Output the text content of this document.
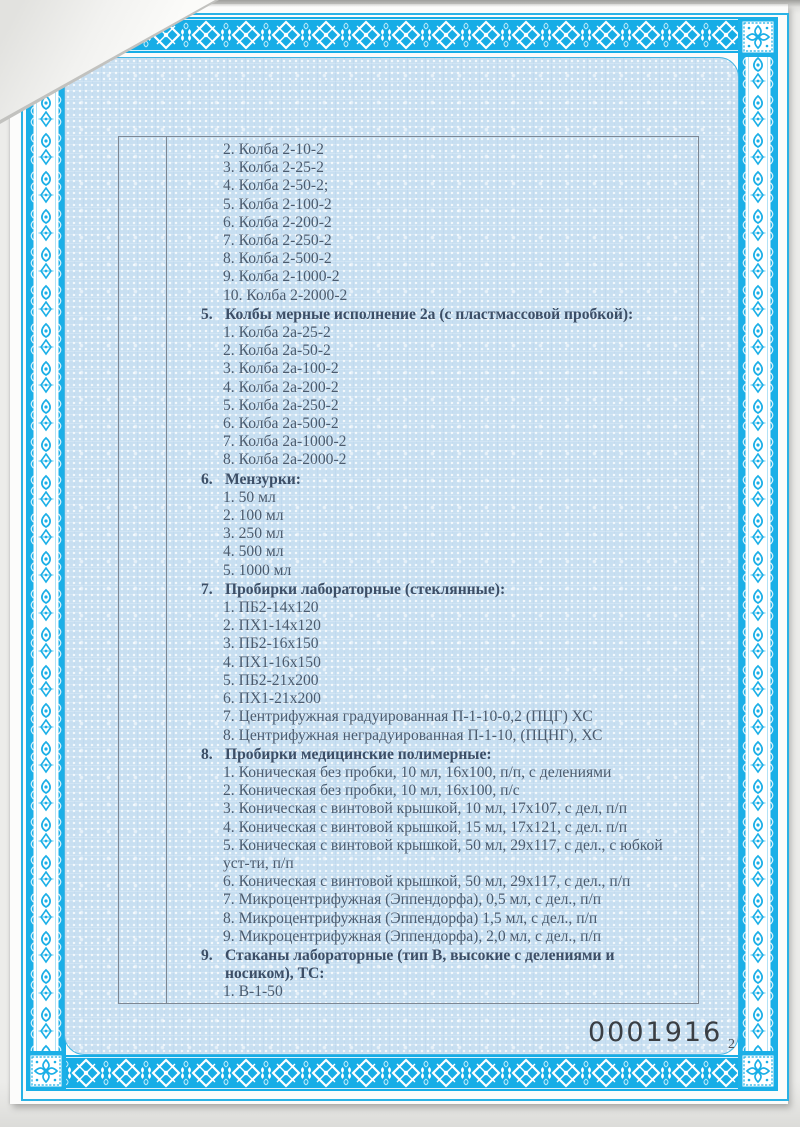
2. Колба 2-10-2
3. Колба 2-25-2
4. Колба 2-50-2;
5. Колба 2-100-2
6. Колба 2-200-2
7. Колба 2-250-2
8. Колба 2-500-2
9. Колба 2-1000-2
10. Колба 2-2000-2
5. Колбы мерные исполнение 2а (с пластмассовой пробкой):
1. Колба 2а-25-2
2. Колба 2а-50-2
3. Колба 2а-100-2
4. Колба 2а-200-2
5. Колба 2а-250-2
6. Колба 2а-500-2
7. Колба 2а-1000-2
8. Колба 2а-2000-2
6. Мензурки:
1. 50 мл
2. 100 мл
3. 250 мл
4. 500 мл
5. 1000 мл
7. Пробирки лабораторные (стеклянные):
1. ПБ2-14х120
2. ПХ1-14х120
3. ПБ2-16х150
4. ПХ1-16х150
5. ПБ2-21х200
6. ПХ1-21х200
7. Центрифужная градуированная П-1-10-0,2 (ПЦГ) ХС
8. Центрифужная неградуированная П-1-10, (ПЦНГ), ХС
8. Пробирки медицинские полимерные:
1. Коническая без пробки, 10 мл, 16х100, п/п, с делениями
2. Коническая без пробки, 10 мл, 16х100, п/с
3. Коническая с винтовой крышкой, 10 мл, 17х107, с дел, п/п
4. Коническая с винтовой крышкой, 15 мл, 17х121, с дел. п/п
5. Коническая с винтовой крышкой, 50 мл, 29х117, с дел., с юбкой уст-ти, п/п
6. Коническая с винтовой крышкой, 50 мл, 29х117, с дел., п/п
7. Микроцентрифужная (Эппендорфа), 0,5 мл, с дел., п/п
8. Микроцентрифужная (Эппендорфа) 1,5 мл, с дел., п/п
9. Микроцентрифужная (Эппендорфа), 2,0 мл, с дел., п/п
9. Стаканы лабораторные (тип В, высокие с делениями и носиком), ТС:
1. В-1-50
0001916 2
